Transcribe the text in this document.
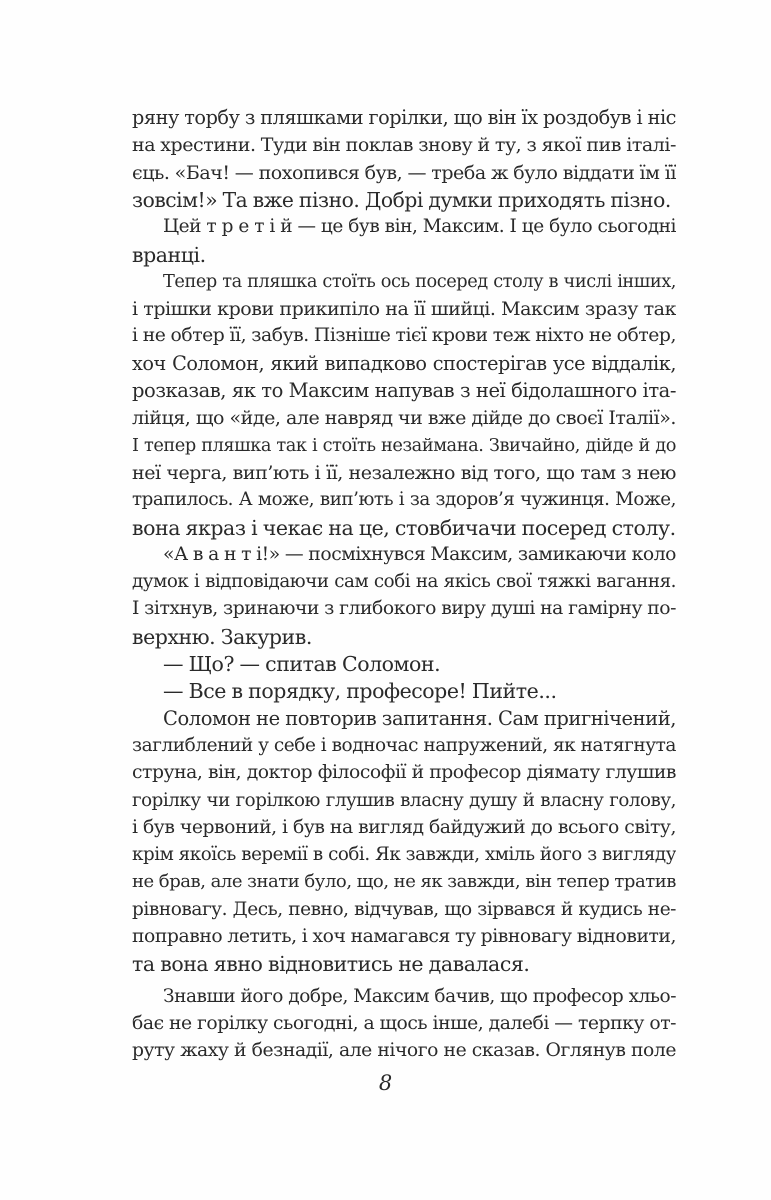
ряну торбу з пляшками горілки, що він їх роздобув і ніс
на хрестини. Туди він поклав знову й ту, з якої пив італі-
єць. «Бач! — похопився був, — треба ж було віддати їм її
зовсім!» Та вже пізно. Добрі думки приходять пізно.
Цей т р е т і й — це був він, Максим. І це було сьогодні
вранці.
Тепер та пляшка стоїть ось посеред столу в числі інших,
і трішки крови прикипіло на її шийці. Максим зразу так
і не обтер її, забув. Пізніше тієї крови теж ніхто не обтер,
хоч Соломон, який випадково спостерігав усе віддалік,
розказав, як то Максим напував з неї бідолашного іта-
лійця, що «йде, але навряд чи вже дійде до своєї Італії».
І тепер пляшка так і стоїть незаймана. Звичайно, дійде й до
неї черга, вип’ють і її, незалежно від того, що там з нею
трапилось. А може, вип’ють і за здоров’я чужинця. Може,
вона якраз і чекає на це, стовбичачи посеред столу.
«А в а н т і!» — посміхнувся Максим, замикаючи коло
думок і відповідаючи сам собі на якісь свої тяжкі вагання.
І зітхнув, зринаючи з глибокого виру душі на гамірну по-
верхню. Закурив.
— Що? — спитав Соломон.
— Все в порядку, професоре! Пийте...
Соломон не повторив запитання. Сам пригнічений,
заглиблений у себе і водночас напружений, як натягнута
струна, він, доктор філософії й професор діямату глушив
горілку чи горілкою глушив власну душу й власну голову,
і був червоний, і був на вигляд байдужий до всього світу,
крім якоїсь веремії в собі. Як завжди, хміль його з вигляду
не брав, але знати було, що, не як завжди, він тепер тратив
рівновагу. Десь, певно, відчував, що зірвався й кудись не-
поправно летить, і хоч намагався ту рівновагу відновити,
та вона явно відновитись не давалася.
Знавши його добре, Максим бачив, що професор хльо-
бає не горілку сьогодні, а щось інше, далебі — терпку от-
руту жаху й безнадії, але нічого не сказав. Оглянув поле
8
